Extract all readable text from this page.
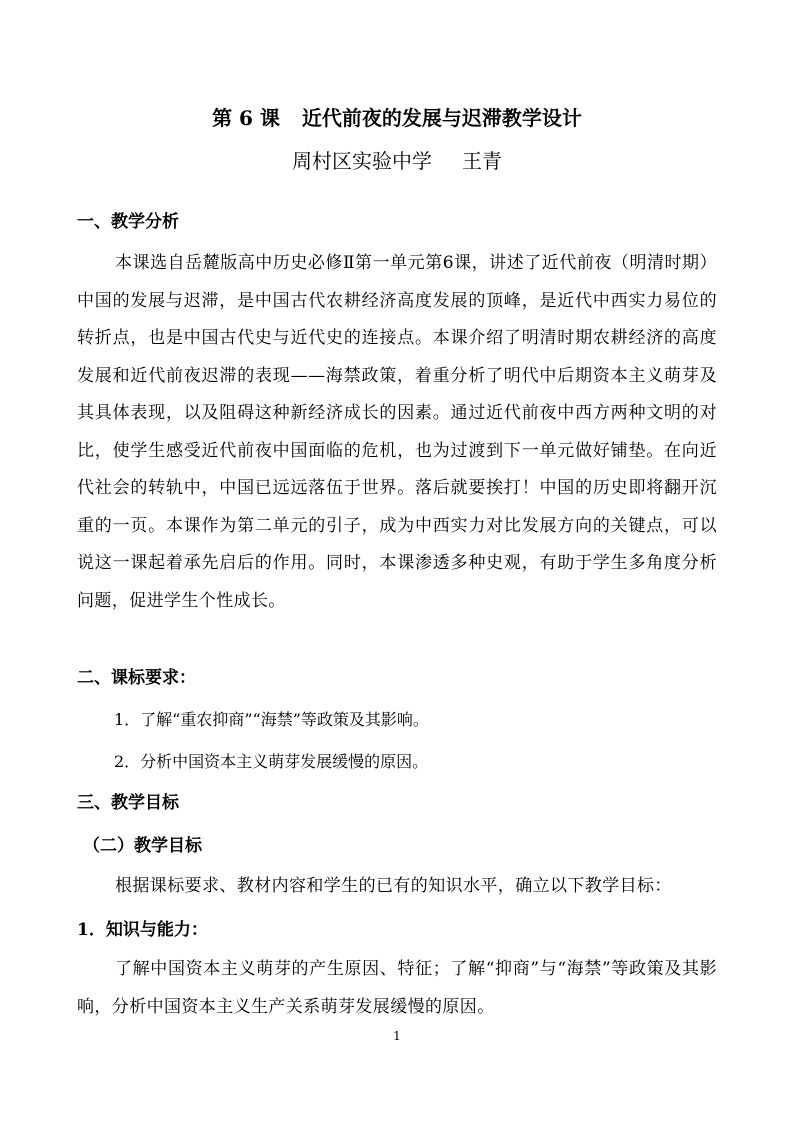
第 6 课 近代前夜的发展与迟滞教学设计
周村区实验中学 王青
一、教学分析
本课选自岳麓版高中历史必修Ⅱ第一单元第6课，讲述了近代前夜（明清时期）中国的发展与迟滞，是中国古代农耕经济高度发展的顶峰，是近代中西实力易位的转折点，也是中国古代史与近代史的连接点。本课介绍了明清时期农耕经济的高度发展和近代前夜迟滞的表现——海禁政策，着重分析了明代中后期资本主义萌芽及其具体表现，以及阻碍这种新经济成长的因素。通过近代前夜中西方两种文明的对比，使学生感受近代前夜中国面临的危机，也为过渡到下一单元做好铺垫。在向近代社会的转轨中，中国已远远落伍于世界。落后就要挨打！中国的历史即将翻开沉重的一页。本课作为第二单元的引子，成为中西实力对比发展方向的关键点，可以说这一课起着承先启后的作用。同时，本课渗透多种史观，有助于学生多角度分析问题，促进学生个性成长。
二、课标要求：
1．了解“重农抑商”“海禁”等政策及其影响。
2．分析中国资本主义萌芽发展缓慢的原因。
三、教学目标
（二）教学目标
根据课标要求、教材内容和学生的已有的知识水平，确立以下教学目标：
1．知识与能力：
了解中国资本主义萌芽的产生原因、特征；了解“抑商”与“海禁”等政策及其影响，分析中国资本主义生产关系萌芽发展缓慢的原因。
1
